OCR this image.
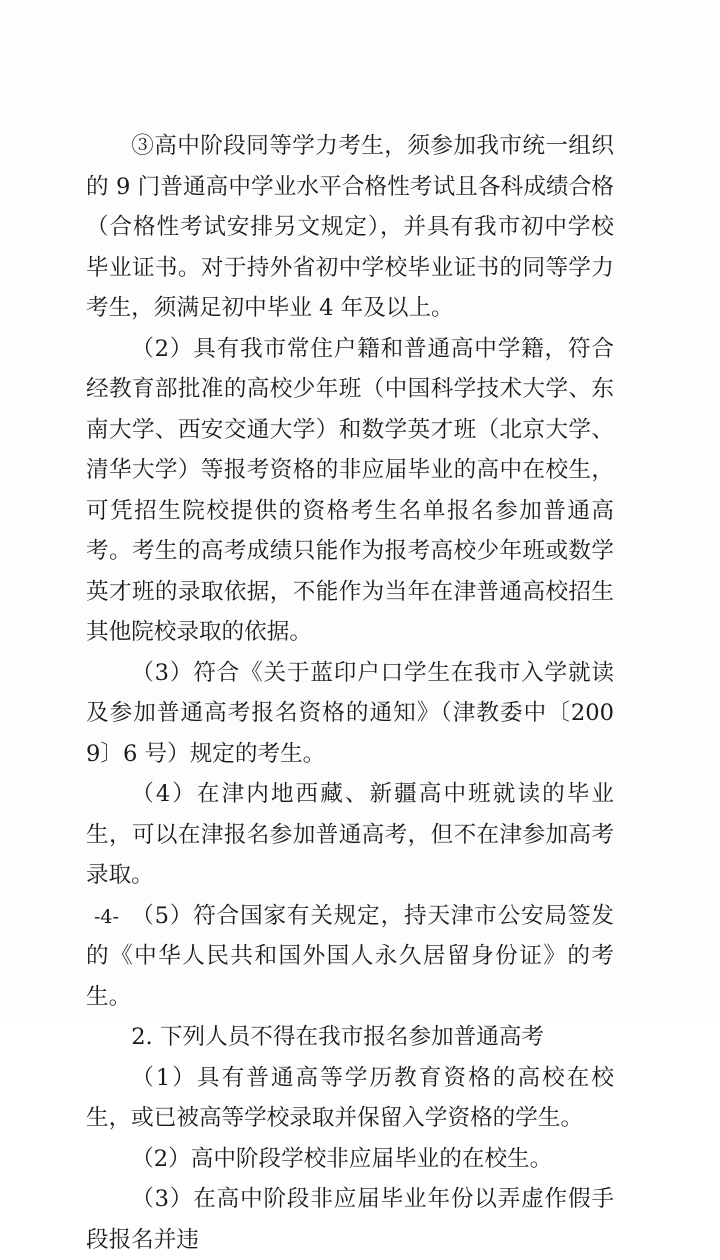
③高中阶段同等学力考生，须参加我市统一组织的 9 门普通高中学业水平合格性考试且各科成绩合格（合格性考试安排另文规定），并具有我市初中学校毕业证书。对于持外省初中学校毕业证书的同等学力考生，须满足初中毕业 4 年及以上。

（2）具有我市常住户籍和普通高中学籍，符合经教育部批准的高校少年班（中国科学技术大学、东南大学、西安交通大学）和数学英才班（北京大学、清华大学）等报考资格的非应届毕业的高中在校生，可凭招生院校提供的资格考生名单报名参加普通高考。考生的高考成绩只能作为报考高校少年班或数学英才班的录取依据，不能作为当年在津普通高校招生其他院校录取的依据。

（3）符合《关于蓝印户口学生在我市入学就读及参加普通高考报名资格的通知》（津教委中〔2009〕6 号）规定的考生。

（4）在津内地西藏、新疆高中班就读的毕业生，可以在津报名参加普通高考，但不在津参加高考录取。

（5）符合国家有关规定，持天津市公安局签发的《中华人民共和国外国人永久居留身份证》的考生。

2. 下列人员不得在我市报名参加普通高考

（1）具有普通高等学历教育资格的高校在校生，或已被高等学校录取并保留入学资格的学生。

（2）高中阶段学校非应届毕业的在校生。

（3）在高中阶段非应届毕业年份以弄虚作假手段报名并违

-4-
